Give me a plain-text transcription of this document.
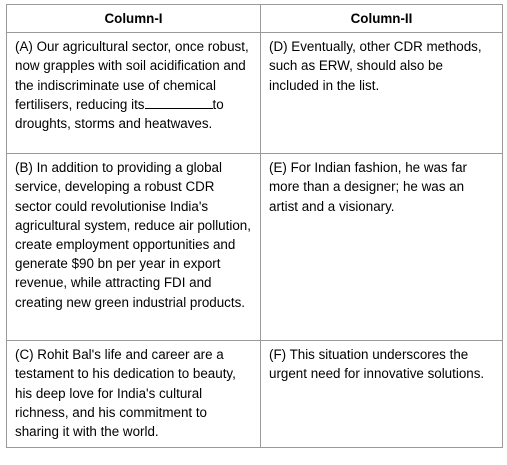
Column-I	Column-II
(A) Our agricultural sector, once robust, now grapples with soil acidification and the indiscriminate use of chemical fertilisers, reducing its to droughts, storms and heatwaves.	(D) Eventually, other CDR methods, such as ERW, should also be included in the list.
(B) In addition to providing a global service, developing a robust CDR sector could revolutionise India's agricultural system, reduce air pollution, create employment opportunities and generate $90 bn per year in export revenue, while attracting FDI and creating new green industrial products.	(E) For Indian fashion, he was far more than a designer; he was an artist and a visionary.
(C) Rohit Bal's life and career are a testament to his dedication to beauty, his deep love for India's cultural richness, and his commitment to sharing it with the world.	(F) This situation underscores the urgent need for innovative solutions.
